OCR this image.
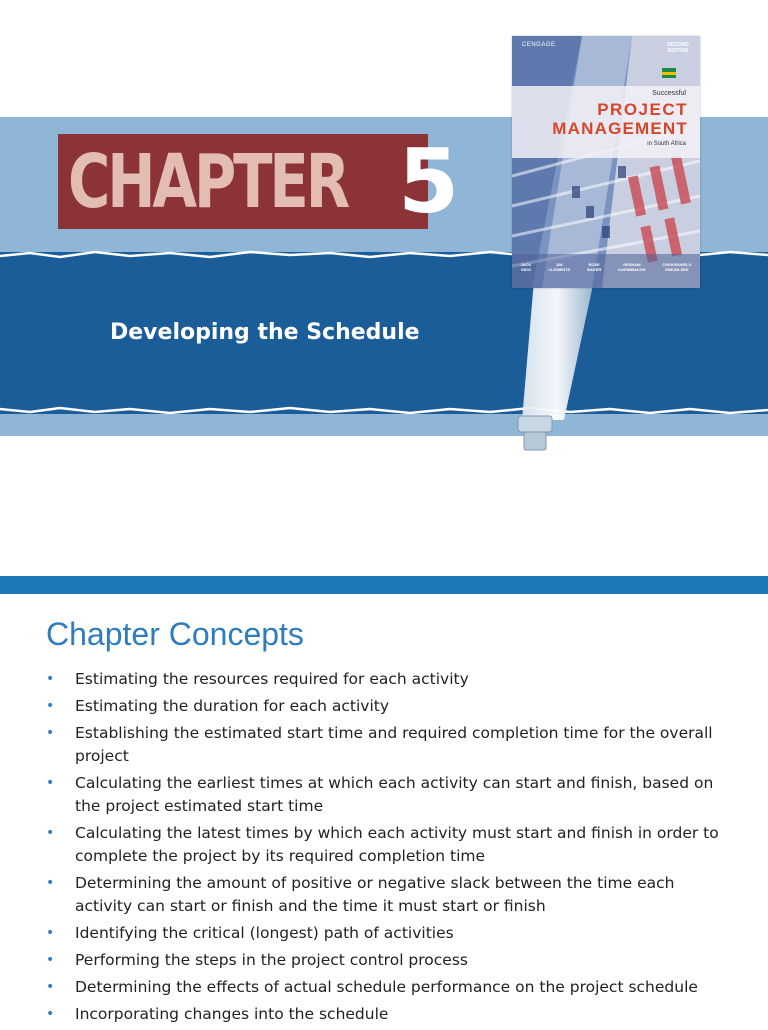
CHAPTER 5
Developing the Schedule
CENGAGE	SECOND EDITION
Successful
PROJECT
MANAGEMENT
in South Africa
JACK
GIDO
JIM
CLEMENTS
ROSE
BAKER
HESHAM
KARIMBAKSH
CHUKWUKELU
EBEAB-SEE
Chapter Concepts
• Estimating the resources required for each activity
• Estimating the duration for each activity
• Establishing the estimated start time and required completion time for the overall project
• Calculating the earliest times at which each activity can start and finish, based on the project estimated start time
• Calculating the latest times by which each activity must start and finish in order to complete the project by its required completion time
• Determining the amount of positive or negative slack between the time each activity can start or finish and the time it must start or finish
• Identifying the critical (longest) path of activities
• Performing the steps in the project control process
• Determining the effects of actual schedule performance on the project schedule
• Incorporating changes into the schedule
